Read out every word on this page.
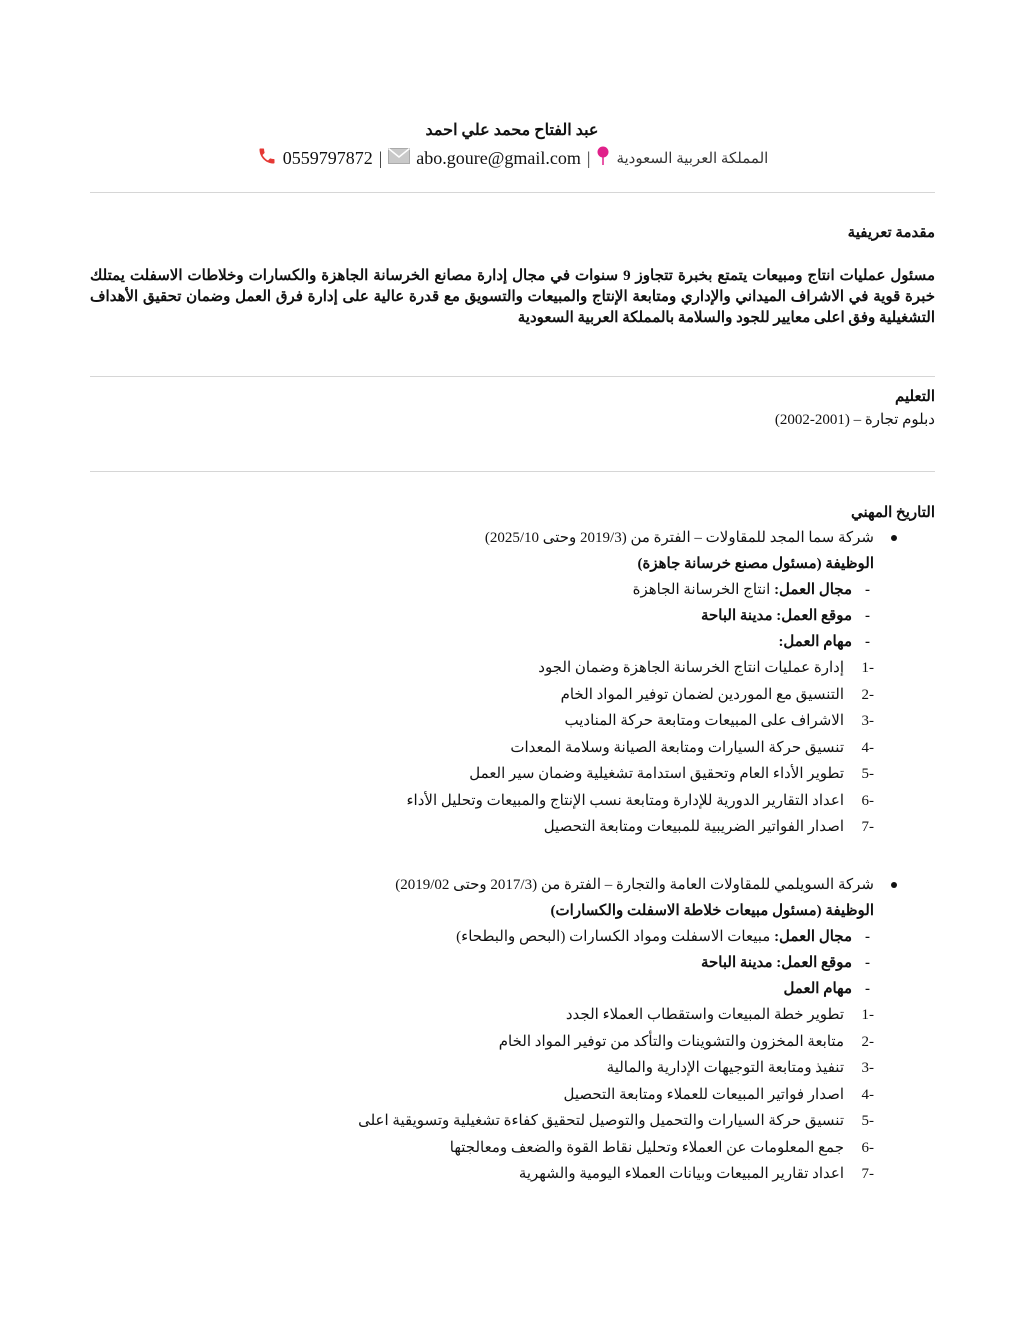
عبد الفتاح محمد علي احمد
0559797872 | abo.goure@gmail.com | المملكة العربية السعودية
مقدمة تعريفية
مسئول عمليات انتاج ومبيعات يتمتع بخبرة تتجاوز 9 سنوات في مجال إدارة مصانع الخرسانة الجاهزة والكسارات وخلاطات الاسفلت يمتلك خبرة قوية في الاشراف الميداني والإداري ومتابعة الإنتاج والمبيعات والتسويق مع قدرة عالية على إدارة فرق العمل وضمان تحقيق الأهداف التشغيلية وفق اعلى معايير للجود والسلامة بالمملكة العربية السعودية
التعليم
دبلوم تجارة – (2001-2002)
التاريخ المهني
شركة سما المجد للمقاولات – الفترة من (2019/3 وحتى 2025/10)
الوظيفة (مسئول مصنع خرسانة جاهزة)
- مجال العمل: انتاج الخرسانة الجاهزة
- موقع العمل: مدينة الباحة
- مهام العمل:
1-
إدارة عمليات انتاج الخرسانة الجاهزة وضمان الجود
2-
التنسيق مع الموردين لضمان توفير المواد الخام
3-
الاشراف على المبيعات ومتابعة حركة المناديب
4-
تنسيق حركة السيارات ومتابعة الصيانة وسلامة المعدات
5-
تطوير الأداء العام وتحقيق استدامة تشغيلية وضمان سير العمل
6-
اعداد التقارير الدورية للإدارة ومتابعة نسب الإنتاج والمبيعات وتحليل الأداء
7-
اصدار الفواتير الضريبية للمبيعات ومتابعة التحصيل
شركة السويلمي للمقاولات العامة والتجارة – الفترة من (2017/3 وحتى 2019/02)
الوظيفة (مسئول مبيعات خلاطة الاسفلت والكسارات)
- مجال العمل: مبيعات الاسفلت ومواد الكسارات (البحص والبطحاء)
- موقع العمل: مدينة الباحة
- مهام العمل
1-
تطوير خطة المبيعات واستقطاب العملاء الجدد
2-
متابعة المخزون والتشوينات والتأكد من توفير المواد الخام
3-
تنفيذ ومتابعة التوجيهات الإدارية والمالية
4-
اصدار فواتير المبيعات للعملاء ومتابعة التحصيل
5-
تنسيق حركة السيارات والتحميل والتوصيل لتحقيق كفاءة تشغيلية وتسويقية اعلى
6-
جمع المعلومات عن العملاء وتحليل نقاط القوة والضعف ومعالجتها
7-
اعداد تقارير المبيعات وبيانات العملاء اليومية والشهرية
